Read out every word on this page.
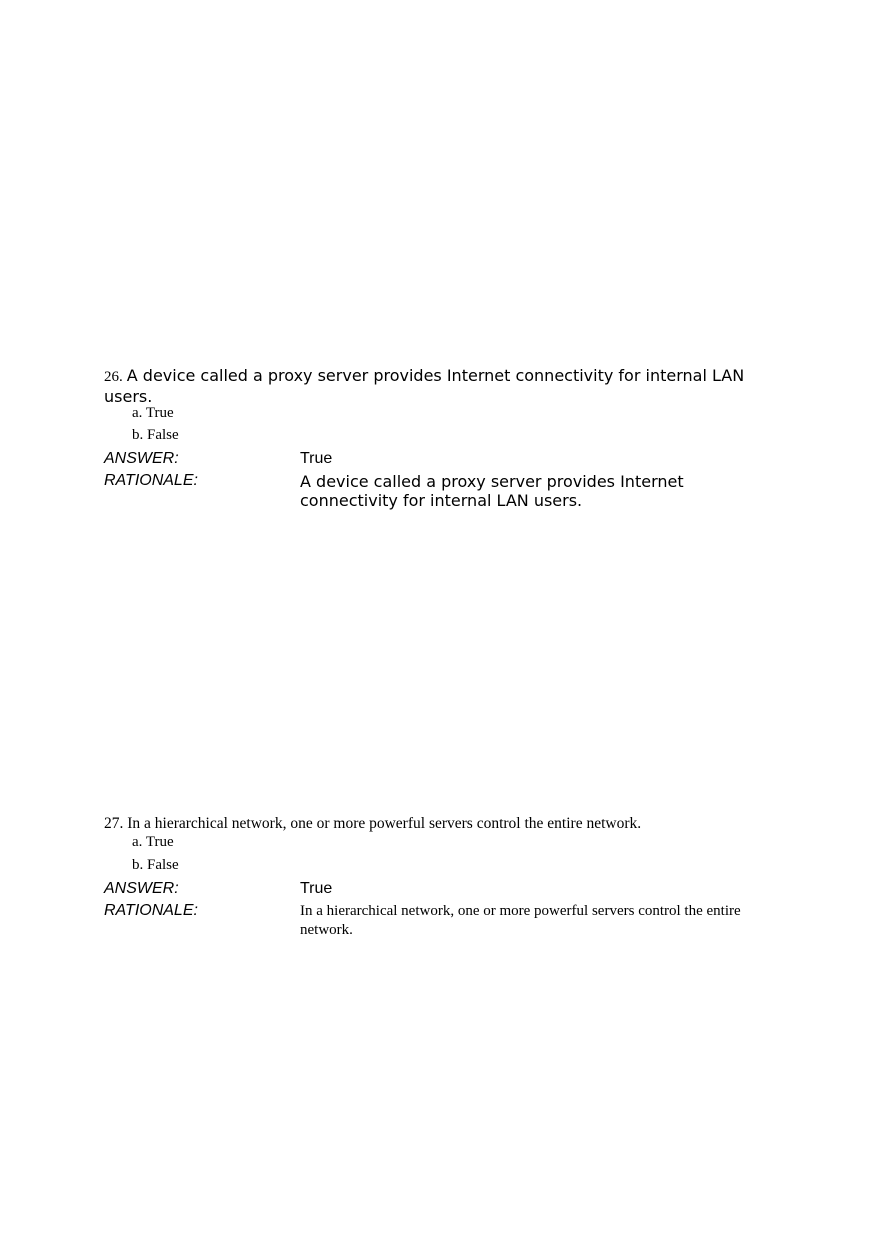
26. A device called a proxy server provides Internet connectivity for internal LAN users.
a. True
b. False
ANSWER:	True
RATIONALE:	A device called a proxy server provides Internet connectivity for internal LAN users.
27. In a hierarchical network, one or more powerful servers control the entire network.
a. True
b. False
ANSWER:	True
RATIONALE:	In a hierarchical network, one or more powerful servers control the entire network.
